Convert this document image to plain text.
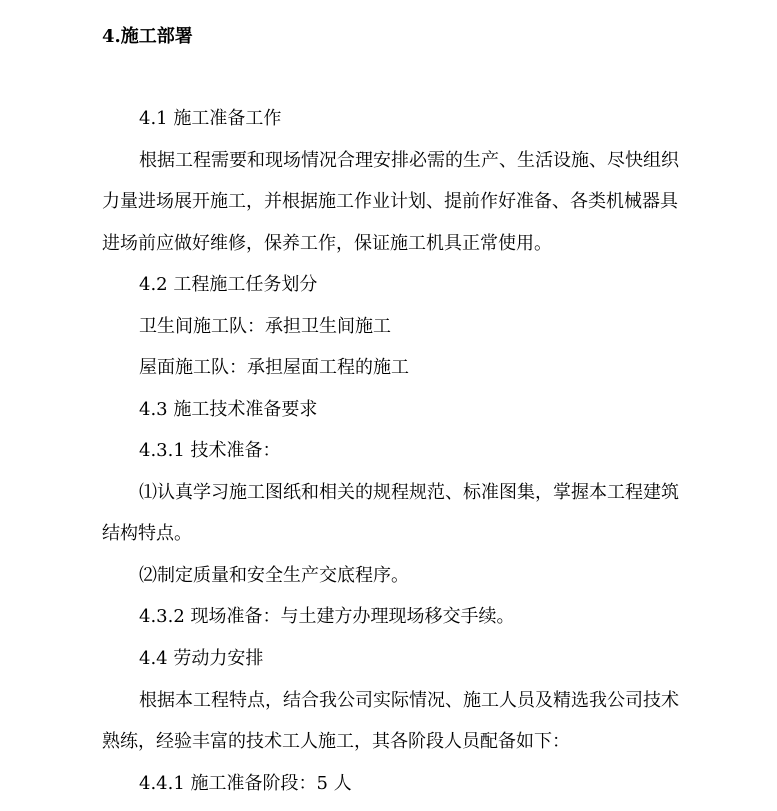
4.施工部署
4.1 施工准备工作
根据工程需要和现场情况合理安排必需的生产、生活设施、尽快组织
力量进场展开施工，并根据施工作业计划、提前作好准备、各类机械器具
进场前应做好维修，保养工作，保证施工机具正常使用。
4.2 工程施工任务划分
卫生间施工队：承担卫生间施工
屋面施工队：承担屋面工程的施工
4.3 施工技术准备要求
4.3.1 技术准备：
⑴认真学习施工图纸和相关的规程规范、标准图集，掌握本工程建筑
结构特点。
⑵制定质量和安全生产交底程序。
4.3.2 现场准备：与土建方办理现场移交手续。
4.4 劳动力安排
根据本工程特点，结合我公司实际情况、施工人员及精选我公司技术
熟练，经验丰富的技术工人施工，其各阶段人员配备如下：
4.4.1 施工准备阶段：5 人
